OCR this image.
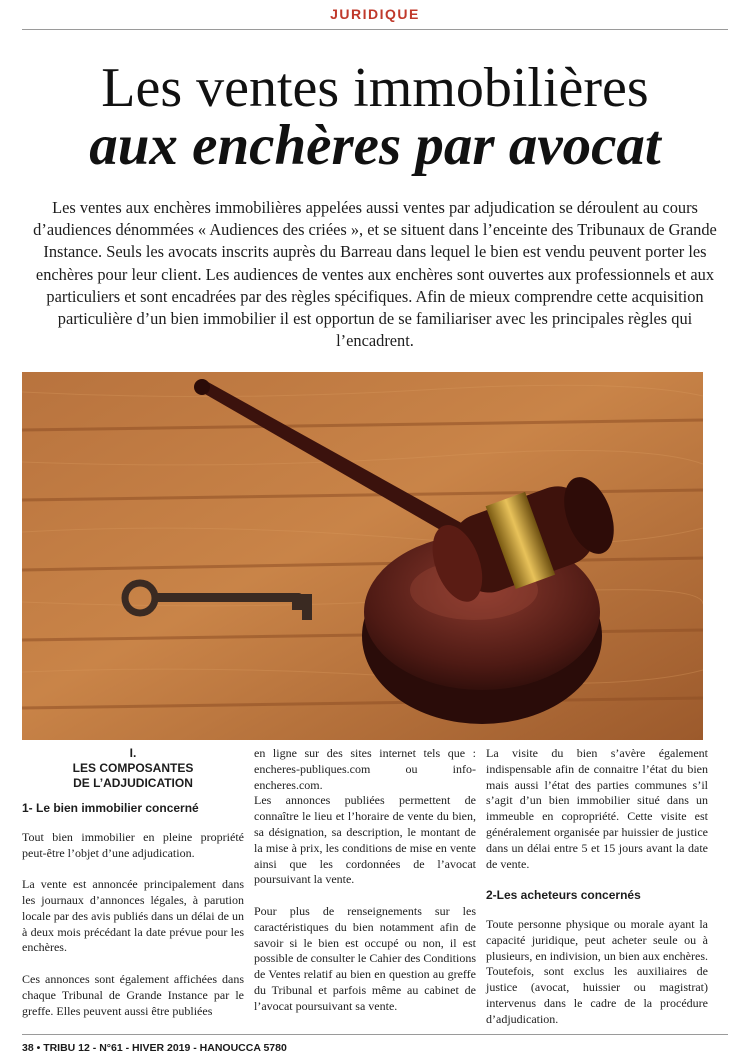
JURIDIQUE
Les ventes immobilières
aux enchères par avocat
Les ventes aux enchères immobilières appelées aussi ventes par adjudication se déroulent au cours d’audiences dénommées « Audiences des criées », et se situent dans l’enceinte des Tribunaux de Grande Instance. Seuls les avocats inscrits auprès du Barreau dans lequel le bien est vendu peuvent porter les enchères pour leur client. Les audiences de ventes aux enchères sont ouvertes aux professionnels et aux particuliers et sont encadrées par des règles spécifiques. Afin de mieux comprendre cette acquisition particulière d’un bien immobilier il est opportun de se familiariser avec les principales règles qui l’encadrent.
I.
LES COMPOSANTES
DE L’ADJUDICATION
1- Le bien immobilier concerné

Tout bien immobilier en pleine propriété peut-être l’objet d’une adjudication.

La vente est annoncée principalement dans les journaux d’annonces légales, à parution locale par des avis publiés dans un délai de un à deux mois précédant la date prévue pour les enchères.

Ces annonces sont également affichées dans chaque Tribunal de Grande Instance par le greffe. Elles peuvent aussi être publiées

en ligne sur des sites internet tels que : encheres-publiques.com ou info-encheres.com.

Les annonces publiées permettent de connaître le lieu et l’horaire de vente du bien, sa désignation, sa description, le montant de la mise à prix, les conditions de mise en vente ainsi que les cordonnées de l’avocat poursuivant la vente.

Pour plus de renseignements sur les caractéristiques du bien notamment afin de savoir si le bien est occupé ou non, il est possible de consulter le Cahier des Conditions de Ventes relatif au bien en question au greffe du Tribunal et parfois même au cabinet de l’avocat poursuivant sa vente.

La visite du bien s’avère également indispensable afin de connaitre l’état du bien mais aussi l’état des parties communes s’il s’agit d’un bien immobilier situé dans un immeuble en copropriété. Cette visite est généralement organisée par huissier de justice dans un délai entre 5 et 15 jours avant la date de vente.

2-Les acheteurs concernés

Toute personne physique ou morale ayant la capacité juridique, peut acheter seule ou à plusieurs, en indivision, un bien aux enchères. Toutefois, sont exclus les auxiliaires de justice (avocat, huissier ou magistrat) intervenus dans le cadre de la procédure d’adjudication.

38 • TRIBU 12 - N°61 - HIVER 2019 - HANOUCCA 5780
